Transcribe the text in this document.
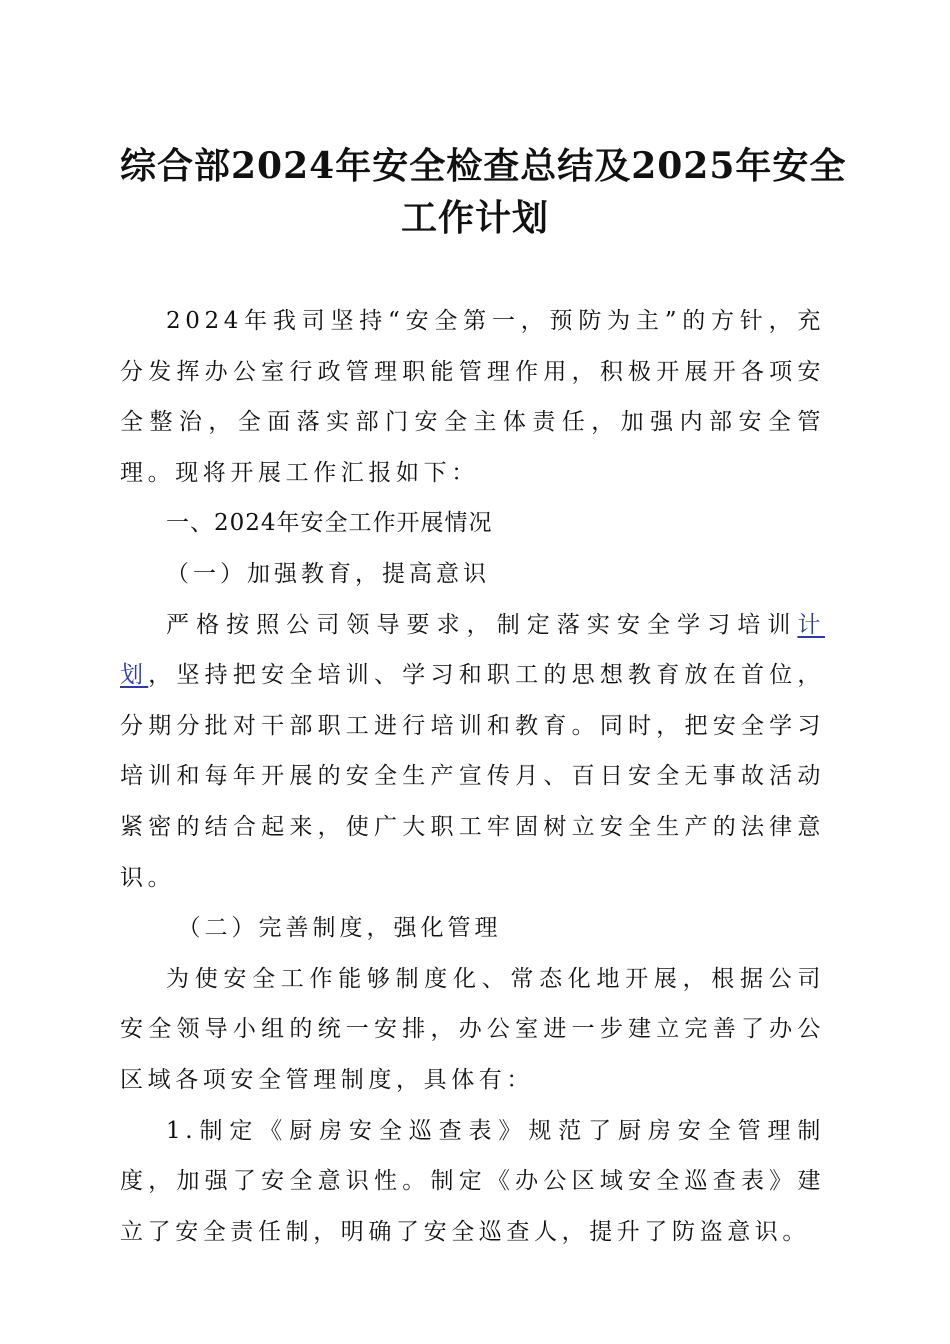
综合部2024年安全检查总结及2025年安全
工作计划

2024年我司坚持“安全第一，预防为主”的方针，充分发挥办公室行政管理职能管理作用，积极开展开各项安全整治，全面落实部门安全主体责任，加强内部安全管理。现将开展工作汇报如下：

一、2024年安全工作开展情况

（一）加强教育，提高意识

严格按照公司领导要求，制定落实安全学习培训计划，坚持把安全培训、学习和职工的思想教育放在首位，分期分批对干部职工进行培训和教育。同时，把安全学习培训和每年开展的安全生产宣传月、百日安全无事故活动紧密的结合起来，使广大职工牢固树立安全生产的法律意识。

（二）完善制度，强化管理

为使安全工作能够制度化、常态化地开展，根据公司安全领导小组的统一安排，办公室进一步建立完善了办公区域各项安全管理制度，具体有：

1.制定《厨房安全巡查表》规范了厨房安全管理制度，加强了安全意识性。制定《办公区域安全巡查表》建立了安全责任制，明确了安全巡查人，提升了防盗意识。
